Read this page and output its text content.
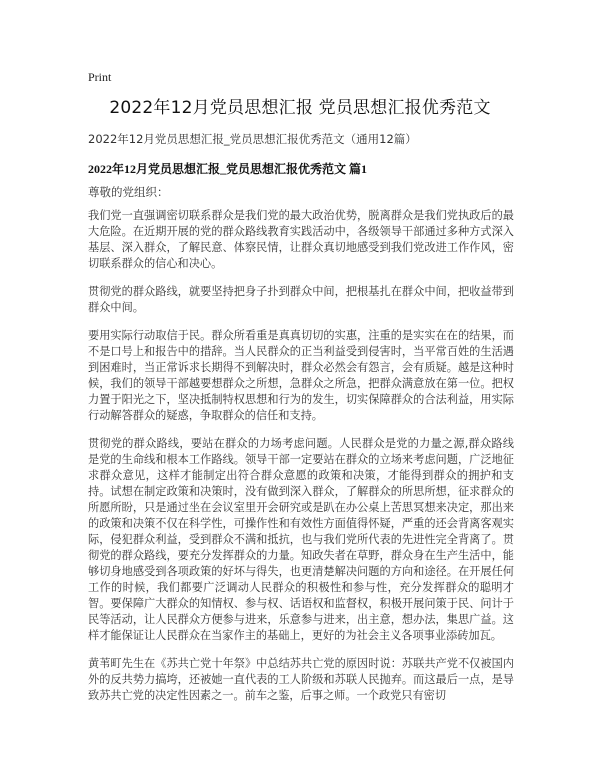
Print
2022年12月党员思想汇报 党员思想汇报优秀范文
2022年12月党员思想汇报_党员思想汇报优秀范文（通用12篇）
2022年12月党员思想汇报_党员思想汇报优秀范文 篇1
尊敬的党组织：

我们党一直强调密切联系群众是我们党的最大政治优势，脱离群众是我们党执政后的最大危险。在近期开展的党的群众路线教育实践活动中，各级领导干部通过多种方式深入基层、深入群众，了解民意、体察民情，让群众真切地感受到我们党改进工作作风，密切联系群众的信心和决心。

贯彻党的群众路线，就要坚持把身子扑到群众中间，把根基扎在群众中间，把收益带到群众中间。

要用实际行动取信于民。群众所看重是真真切切的实惠，注重的是实实在在的结果，而不是口号上和报告中的措辞。当人民群众的正当利益受到侵害时，当平常百姓的生活遇到困难时，当正常诉求长期得不到解决时，群众必然会有怨言，会有质疑。越是这种时候，我们的领导干部越要想群众之所想，急群众之所急，把群众满意放在第一位。把权力置于阳光之下，坚决抵制特权思想和行为的发生，切实保障群众的合法利益，用实际行动解答群众的疑惑，争取群众的信任和支持。

贯彻党的群众路线，要站在群众的力场考虑问题。人民群众是党的力量之源,群众路线是党的生命线和根本工作路线。领导干部一定要站在群众的立场来考虑问题，广泛地征求群众意见，这样才能制定出符合群众意愿的政策和决策，才能得到群众的拥护和支持。试想在制定政策和决策时，没有做到深入群众，了解群众的所思所想，征求群众的所愿所盼，只是通过坐在会议室里开会研究或是趴在办公桌上苦思冥想来决定，那出来的政策和决策不仅在科学性，可操作性和有效性方面值得怀疑，严重的还会背离客观实际，侵犯群众利益，受到群众不满和抵抗，也与我们党所代表的先进性完全背离了。贯彻党的群众路线，要充分发挥群众的力量。知政失者在草野，群众身在生产生活中，能够切身地感受到各项政策的好坏与得失，也更清楚解决问题的方向和途径。在开展任何工作的时候，我们都要广泛调动人民群众的积极性和参与性，充分发挥群众的聪明才智。要保障广大群众的知情权、参与权、话语权和监督权，积极开展问策于民、问计于民等活动，让人民群众方便参与进来，乐意参与进来，出主意，想办法，集思广益。这样才能保证让人民群众在当家作主的基础上，更好的为社会主义各项事业添砖加瓦。

黄苇町先生在《苏共亡党十年祭》中总结苏共亡党的原因时说：苏联共产党不仅被国内外的反共势力搞垮，还被她一直代表的工人阶级和苏联人民抛弃。而这最后一点，是导致苏共亡党的决定性因素之一。前车之鉴，后事之师。一个政党只有密切
